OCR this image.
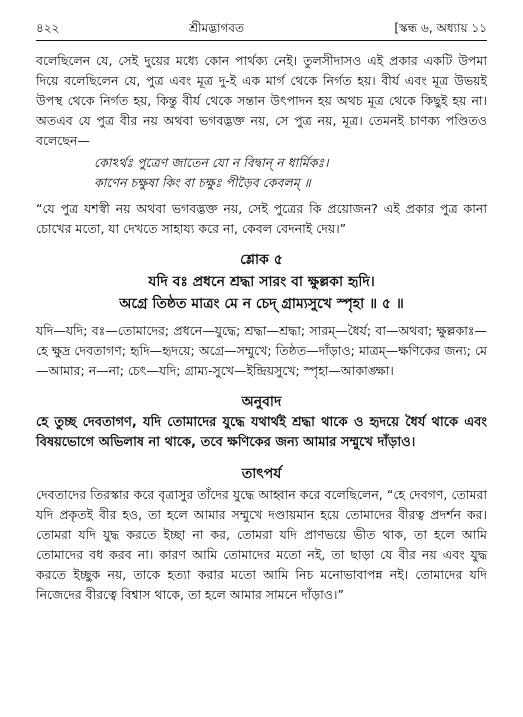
৪২২	শ্রীমদ্ভাগবত	[স্কন্ধ ৬, অধ্যায় ১১

বলেছিলেন যে, সেই দুয়ের মধ্যে কোন পার্থক্য নেই। তুলসীদাসও এই প্রকার একটি উপমা দিয়ে বলেছিলেন যে, পুত্র এবং মূত্র দু-ই এক মার্গ থেকে নির্গত হয়। বীর্য এবং মূত্র উভয়ই উপস্থ থেকে নির্গত হয়, কিন্তু বীর্য থেকে সন্তান উৎপাদন হয় অথচ মূত্র থেকে কিছুই হয় না। অতএব যে পুত্র বীর নয় অথবা ভগবদ্ভক্ত নয়, সে পুত্র নয়, মূত্র। তেমনই চাণক্য পণ্ডিতও বলেছেন—

কোঽর্থঃ পুত্রেণ জাতেন যো ন বিদ্বান্ ন ধার্মিকঃ।

কাণেন চক্ষুষা কিং বা চক্ষুঃ পীড়ৈব কেবলম্ ॥

“যে পুত্র যশস্বী নয় অথবা ভগবদ্ভক্ত নয়, সেই পুত্রের কি প্রয়োজন? এই প্রকার পুত্র কানা চোখের মতো, যা দেখতে সাহায্য করে না, কেবল বেদনাই দেয়।”

শ্লোক ৫

যদি বঃ প্রধনে শ্রদ্ধা সারং বা ক্ষুল্লকা হৃদি।

অগ্রে তিষ্ঠত মাত্রং মে ন চেদ্ গ্রাম্যসুখে স্পৃহা ॥ ৫ ॥

যদি—যদি; বঃ—তোমাদের; প্রধনে—যুদ্ধে; শ্রদ্ধা—শ্রদ্ধা; সারম্—ধৈর্য; বা—অথবা; ক্ষুল্লকাঃ—হে ক্ষুদ্র দেবতাগণ; হৃদি—হৃদয়ে; অগ্রে—সম্মুখে; তিষ্ঠত—দাঁড়াও; মাত্রম্—ক্ষণিকের জন্য; মে—আমার; ন—না; চেৎ—যদি; গ্রাম্য-সুখে—ইন্দ্রিয়সুখে; স্পৃহা—আকাঙ্ক্ষা।

অনুবাদ

হে তুচ্ছ দেবতাগণ, যদি তোমাদের যুদ্ধে যথার্থই শ্রদ্ধা থাকে ও হৃদয়ে ধৈর্য থাকে এবং বিষয়ভোগে অভিলাষ না থাকে, তবে ক্ষণিকের জন্য আমার সম্মুখে দাঁড়াও।

তাৎপর্য

দেবতাদের তিরস্কার করে বৃত্রাসুর তাঁদের যুদ্ধে আহ্বান করে বলেছিলেন, “হে দেবগণ, তোমরা যদি প্রকৃতই বীর হও, তা হলে আমার সম্মুখে দণ্ডায়মান হয়ে তোমাদের বীরত্ব প্রদর্শন কর। তোমরা যদি যুদ্ধ করতে ইচ্ছা না কর, তোমরা যদি প্রাণভয়ে ভীত থাক, তা হলে আমি তোমাদের বধ করব না। কারণ আমি তোমাদের মতো নই, তা ছাড়া যে বীর নয় এবং যুদ্ধ করতে ইচ্ছুক নয়, তাকে হত্যা করার মতো আমি নিচ মনোভাবাপন্ন নই। তোমাদের যদি নিজেদের বীরত্বে বিশ্বাস থাকে, তা হলে আমার সামনে দাঁড়াও।”
